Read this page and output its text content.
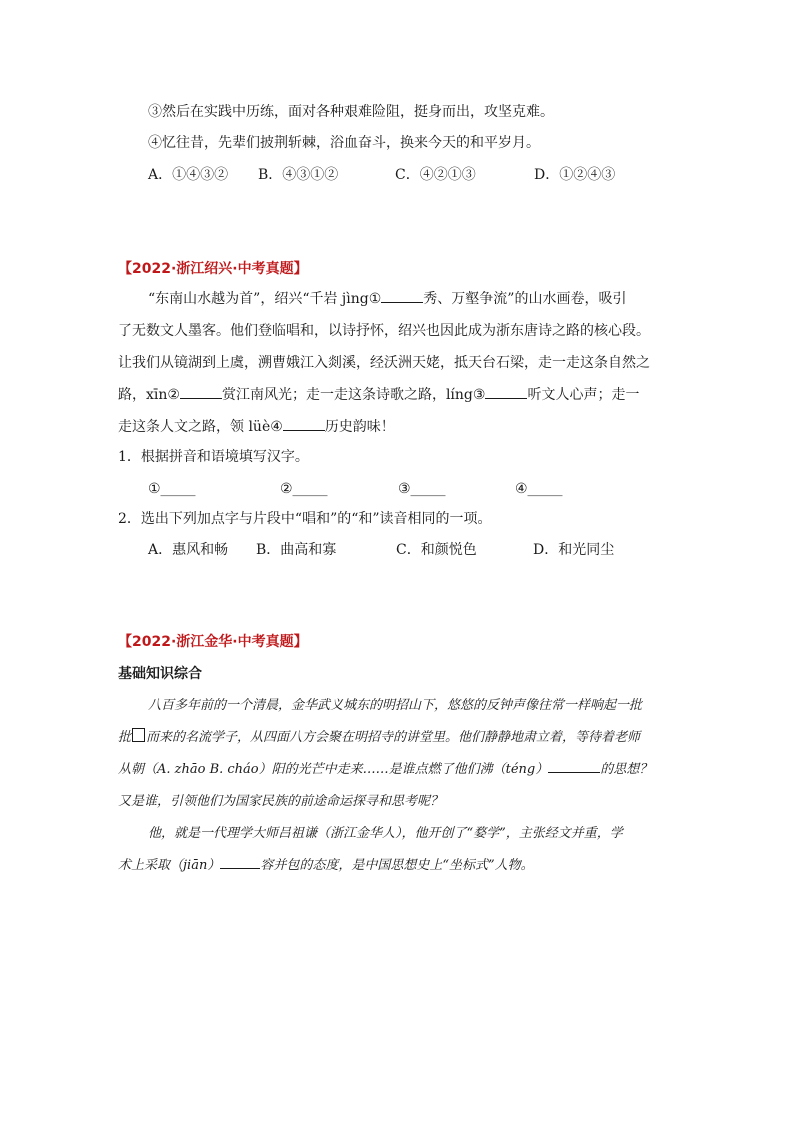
③然后在实践中历练，面对各种艰难险阻，挺身而出，攻坚克难。
④忆往昔，先辈们披荆斩棘，浴血奋斗，换来今天的和平岁月。
A．①④③② B．④③①②	C．④②①③	D．①②④③
【2022·浙江绍兴·中考真题】
“东南山水越为首”，绍兴“千岩 jìng①	秀、万壑争流”的山水画卷，吸引
了无数文人墨客。他们登临唱和，以诗抒怀，绍兴也因此成为浙东唐诗之路的核心段。
让我们从镜湖到上虞，溯曹娥江入剡溪，经沃洲天姥，抵天台石梁，走一走这条自然之
路，xīn②	赏江南风光；走一走这条诗歌之路，líng③	听文人心声；走一
走这条人文之路，领 lüè④	历史韵味！
1．根据拼音和语境填写汉字。
①_____	②_____	③_____	④_____
2．选出下列加点字与片段中“唱和”的“和”读音相同的一项。
A．惠风和畅 B．曲高和寡	C．和颜悦色	D．和光同尘
【2022·浙江金华·中考真题】
基础知识综合
八百多年前的一个清晨，金华武义城东的明招山下，悠悠的反钟声像往常一样响起一批
批 而来的名流学子，从四面八方会聚在明招寺的讲堂里。他们静静地肃立着，等待着老师
从朝（A. zhāo B. cháo）阳的光芒中走来……是谁点燃了他们沸（téng）	的思想？
又是谁，引领他们为国家民族的前途命运探寻和思考呢？
他，就是一代理学大师吕祖谦（浙江金华人），他开创了“婺学”，主张经文并重，学
术上采取（jiān）	容并包的态度，是中国思想史上“坐标式”人物。
